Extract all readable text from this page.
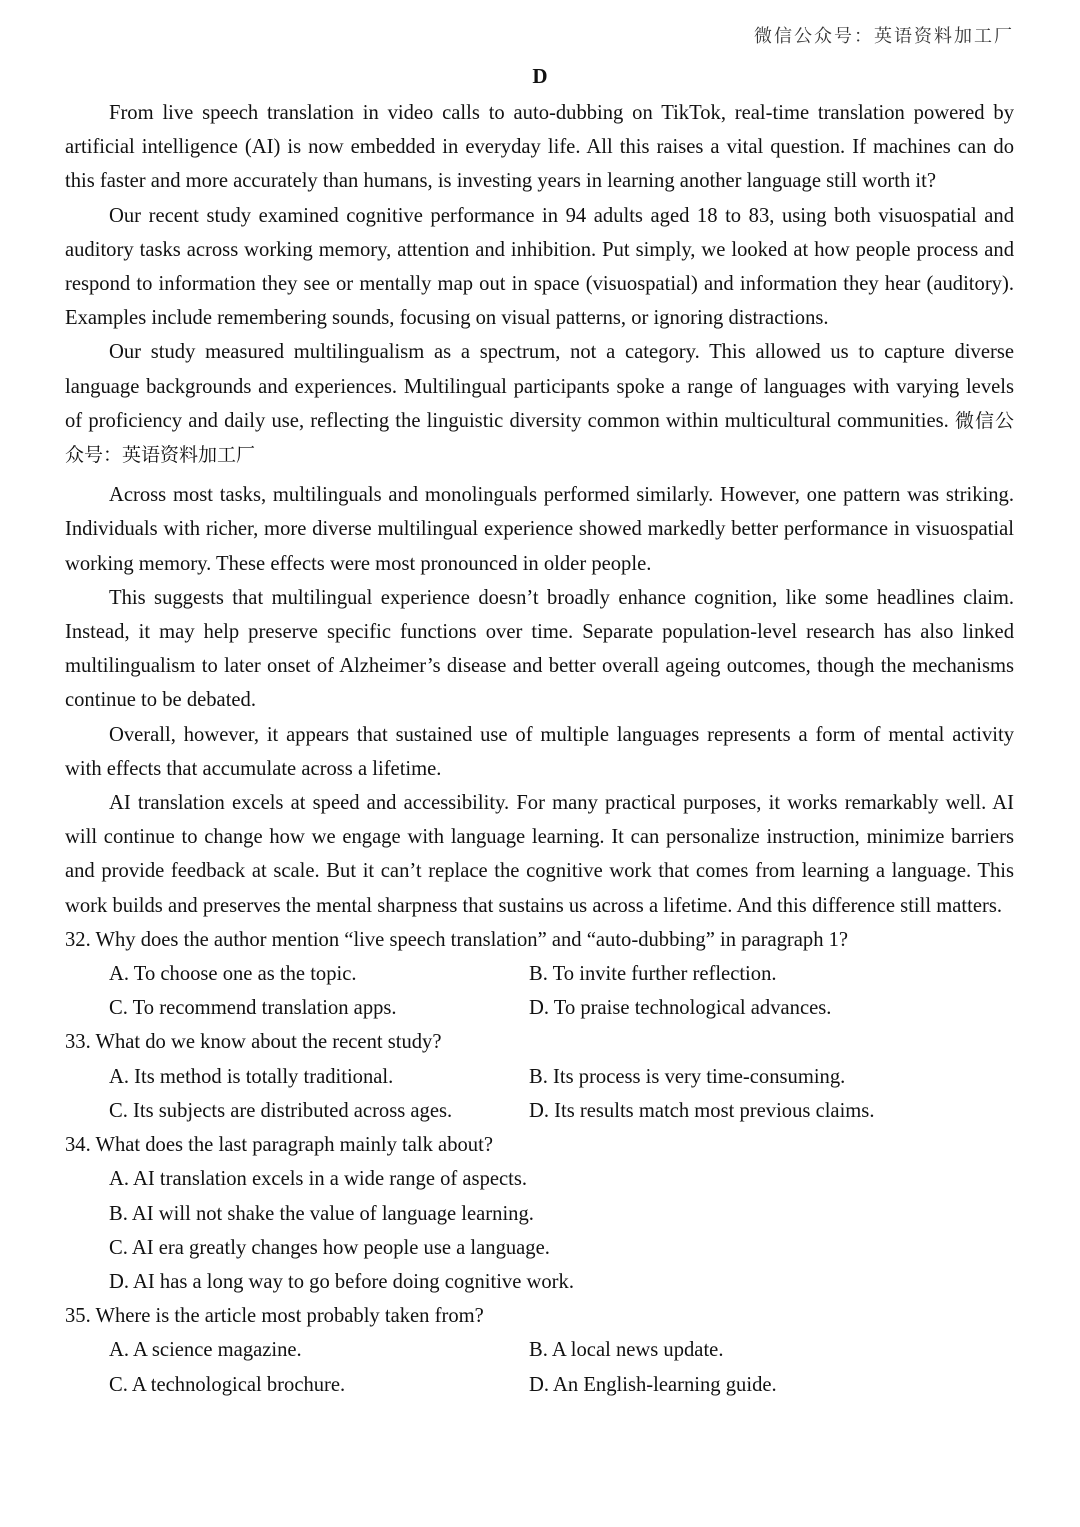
微信公众号：英语资料加工厂
D

From live speech translation in video calls to auto-dubbing on TikTok, real-time translation powered by artificial intelligence (AI) is now embedded in everyday life. All this raises a vital question. If machines can do this faster and more accurately than humans, is investing years in learning another language still worth it?

Our recent study examined cognitive performance in 94 adults aged 18 to 83, using both visuospatial and auditory tasks across working memory, attention and inhibition. Put simply, we looked at how people process and respond to information they see or mentally map out in space (visuospatial) and information they hear (auditory). Examples include remembering sounds, focusing on visual patterns, or ignoring distractions.

Our study measured multilingualism as a spectrum, not a category. This allowed us to capture diverse language backgrounds and experiences. Multilingual participants spoke a range of languages with varying levels of proficiency and daily use, reflecting the linguistic diversity common within multicultural communities. 微信公众号：英语资料加工厂

Across most tasks, multilinguals and monolinguals performed similarly. However, one pattern was striking. Individuals with richer, more diverse multilingual experience showed markedly better performance in visuospatial working memory. These effects were most pronounced in older people.

This suggests that multilingual experience doesn’t broadly enhance cognition, like some headlines claim. Instead, it may help preserve specific functions over time. Separate population-level research has also linked multilingualism to later onset of Alzheimer’s disease and better overall ageing outcomes, though the mechanisms continue to be debated.

Overall, however, it appears that sustained use of multiple languages represents a form of mental activity with effects that accumulate across a lifetime.

AI translation excels at speed and accessibility. For many practical purposes, it works remarkably well. AI will continue to change how we engage with language learning. It can personalize instruction, minimize barriers and provide feedback at scale. But it can’t replace the cognitive work that comes from learning a language. This work builds and preserves the mental sharpness that sustains us across a lifetime. And this difference still matters.

32. Why does the author mention “live speech translation” and “auto-dubbing” in paragraph 1?

A. To choose one as the topic.	B. To invite further reflection.
C. To recommend translation apps.	D. To praise technological advances.

33. What do we know about the recent study?

A. Its method is totally traditional.	B. Its process is very time-consuming.
C. Its subjects are distributed across ages.	D. Its results match most previous claims.

34. What does the last paragraph mainly talk about?

A. AI translation excels in a wide range of aspects.
B. AI will not shake the value of language learning.
C. AI era greatly changes how people use a language.
D. AI has a long way to go before doing cognitive work.

35. Where is the article most probably taken from?

A. A science magazine.	B. A local news update.
C. A technological brochure.	D. An English-learning guide.
